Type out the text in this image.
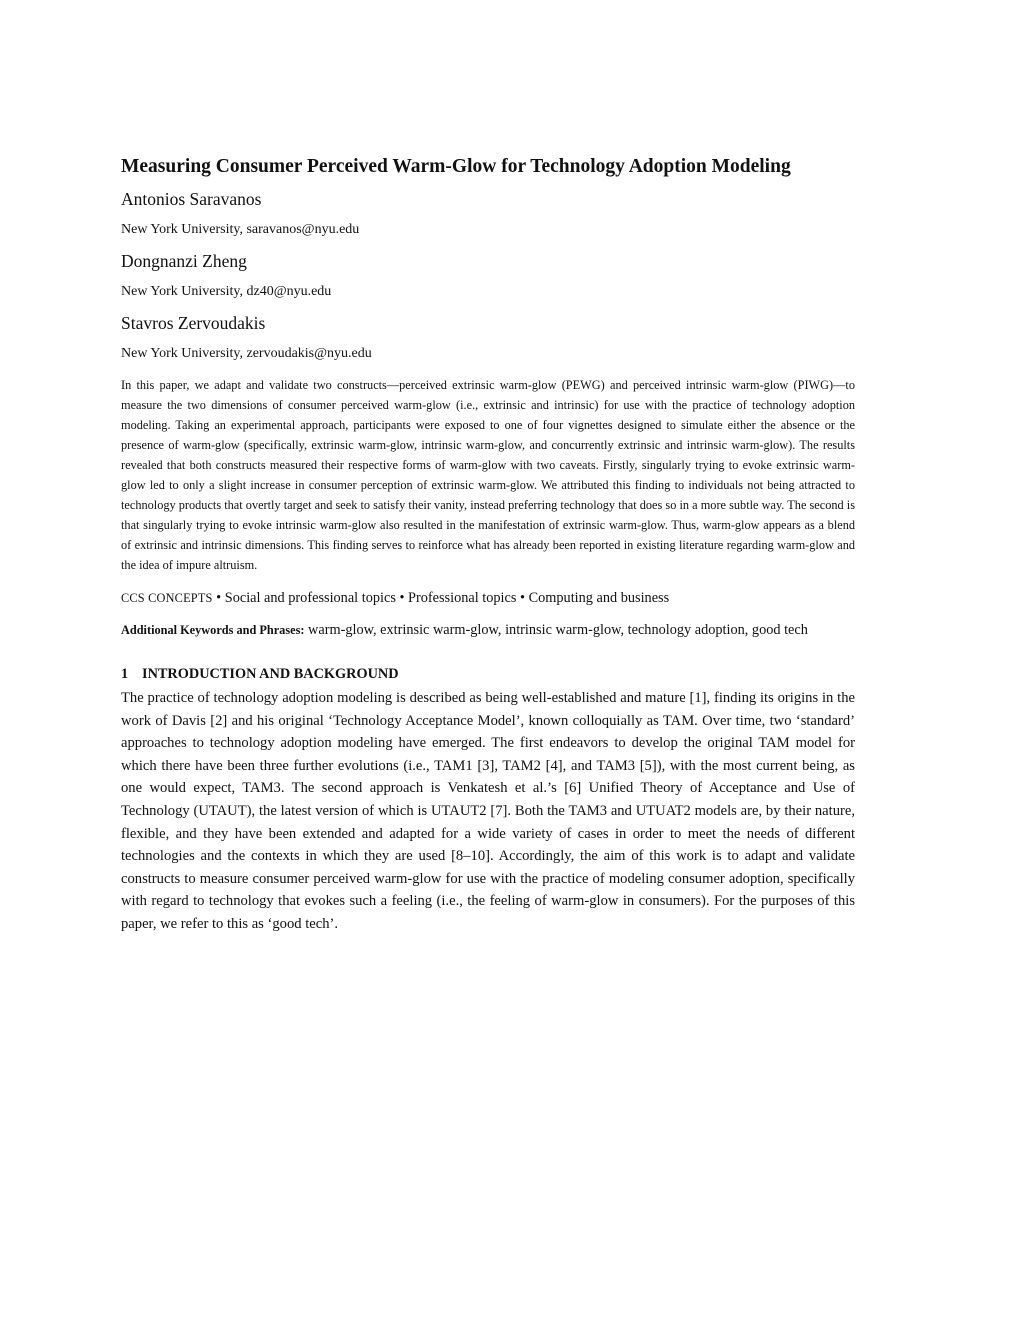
Measuring Consumer Perceived Warm-Glow for Technology Adoption Modeling

Antonios Saravanos

New York University, saravanos@nyu.edu

Dongnanzi Zheng

New York University, dz40@nyu.edu

Stavros Zervoudakis

New York University, zervoudakis@nyu.edu

In this paper, we adapt and validate two constructs—perceived extrinsic warm-glow (PEWG) and perceived intrinsic warm-glow (PIWG)—to measure the two dimensions of consumer perceived warm-glow (i.e., extrinsic and intrinsic) for use with the practice of technology adoption modeling. Taking an experimental approach, participants were exposed to one of four vignettes designed to simulate either the absence or the presence of warm-glow (specifically, extrinsic warm-glow, intrinsic warm-glow, and concurrently extrinsic and intrinsic warm-glow). The results revealed that both constructs measured their respective forms of warm-glow with two caveats. Firstly, singularly trying to evoke extrinsic warm-glow led to only a slight increase in consumer perception of extrinsic warm-glow. We attributed this finding to individuals not being attracted to technology products that overtly target and seek to satisfy their vanity, instead preferring technology that does so in a more subtle way. The second is that singularly trying to evoke intrinsic warm-glow also resulted in the manifestation of extrinsic warm-glow. Thus, warm-glow appears as a blend of extrinsic and intrinsic dimensions. This finding serves to reinforce what has already been reported in existing literature regarding warm-glow and the idea of impure altruism.

CCS CONCEPTS • Social and professional topics • Professional topics • Computing and business

Additional Keywords and Phrases: warm-glow, extrinsic warm-glow, intrinsic warm-glow, technology adoption, good tech

1 INTRODUCTION AND BACKGROUND

The practice of technology adoption modeling is described as being well-established and mature [1], finding its origins in the work of Davis [2] and his original ‘Technology Acceptance Model’, known colloquially as TAM. Over time, two ‘standard’ approaches to technology adoption modeling have emerged. The first endeavors to develop the original TAM model for which there have been three further evolutions (i.e., TAM1 [3], TAM2 [4], and TAM3 [5]), with the most current being, as one would expect, TAM3. The second approach is Venkatesh et al.’s [6] Unified Theory of Acceptance and Use of Technology (UTAUT), the latest version of which is UTAUT2 [7]. Both the TAM3 and UTUAT2 models are, by their nature, flexible, and they have been extended and adapted for a wide variety of cases in order to meet the needs of different technologies and the contexts in which they are used [8–10]. Accordingly, the aim of this work is to adapt and validate constructs to measure consumer perceived warm-glow for use with the practice of modeling consumer adoption, specifically with regard to technology that evokes such a feeling (i.e., the feeling of warm-glow in consumers). For the purposes of this paper, we refer to this as ‘good tech’.
